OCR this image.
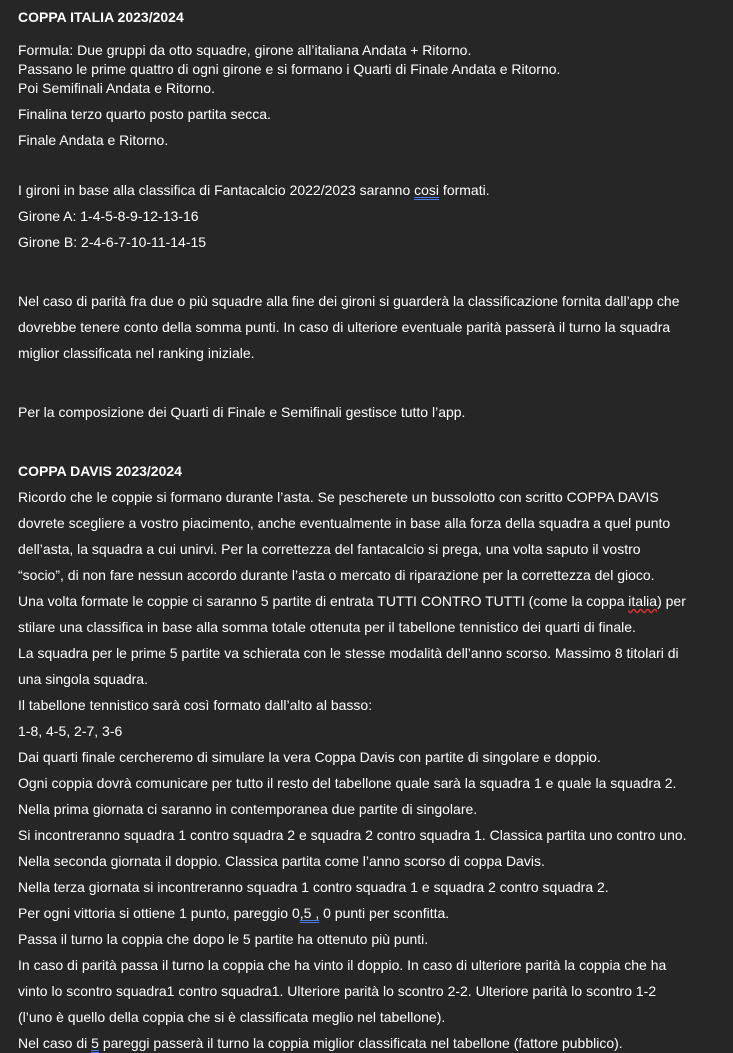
COPPA ITALIA 2023/2024

Formula: Due gruppi da otto squadre, girone all’italiana Andata + Ritorno.

Passano le prime quattro di ogni girone e si formano i Quarti di Finale Andata e Ritorno.

Poi Semifinali Andata e Ritorno.

Finalina terzo quarto posto partita secca.

Finale Andata e Ritorno.

I gironi in base alla classifica di Fantacalcio 2022/2023 saranno cosi formati.

Girone A: 1-4-5-8-9-12-13-16

Girone B: 2-4-6-7-10-11-14-15

Nel caso di parità fra due o più squadre alla fine dei gironi si guarderà la classificazione fornita dall’app che

dovrebbe tenere conto della somma punti. In caso di ulteriore eventuale parità passerà il turno la squadra

miglior classificata nel ranking iniziale.

Per la composizione dei Quarti di Finale e Semifinali gestisce tutto l’app.

COPPA DAVIS 2023/2024

Ricordo che le coppie si formano durante l’asta. Se pescherete un bussolotto con scritto COPPA DAVIS

dovrete scegliere a vostro piacimento, anche eventualmente in base alla forza della squadra a quel punto

dell’asta, la squadra a cui unirvi. Per la correttezza del fantacalcio si prega, una volta saputo il vostro

“socio”, di non fare nessun accordo durante l’asta o mercato di riparazione per la correttezza del gioco.

Una volta formate le coppie ci saranno 5 partite di entrata TUTTI CONTRO TUTTI (come la coppa italia) per

stilare una classifica in base alla somma totale ottenuta per il tabellone tennistico dei quarti di finale.

La squadra per le prime 5 partite va schierata con le stesse modalità dell’anno scorso. Massimo 8 titolari di

una singola squadra.

Il tabellone tennistico sarà così formato dall’alto al basso:

1-8, 4-5, 2-7, 3-6

Dai quarti finale cercheremo di simulare la vera Coppa Davis con partite di singolare e doppio.

Ogni coppia dovrà comunicare per tutto il resto del tabellone quale sarà la squadra 1 e quale la squadra 2.

Nella prima giornata ci saranno in contemporanea due partite di singolare.

Si incontreranno squadra 1 contro squadra 2 e squadra 2 contro squadra 1. Classica partita uno contro uno.

Nella seconda giornata il doppio. Classica partita come l’anno scorso di coppa Davis.

Nella terza giornata si incontreranno squadra 1 contro squadra 1 e squadra 2 contro squadra 2.

Per ogni vittoria si ottiene 1 punto, pareggio 0,5 , 0 punti per sconfitta.

Passa il turno la coppia che dopo le 5 partite ha ottenuto più punti.

In caso di parità passa il turno la coppia che ha vinto il doppio. In caso di ulteriore parità la coppia che ha

vinto lo scontro squadra1 contro squadra1. Ulteriore parità lo scontro 2-2. Ulteriore parità lo scontro 1-2

(l’uno è quello della coppia che si è classificata meglio nel tabellone).

Nel caso di 5 pareggi passerà il turno la coppia miglior classificata nel tabellone (fattore pubblico).
